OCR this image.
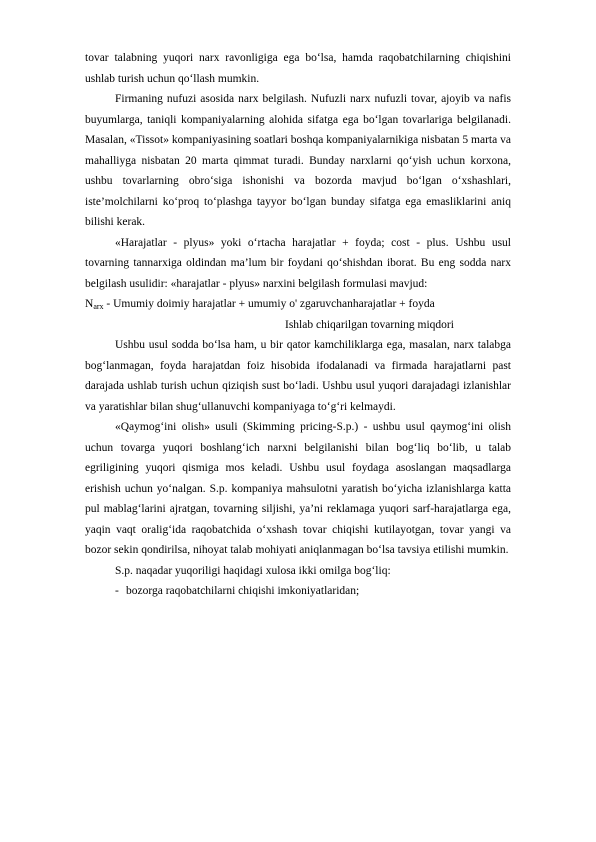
tovar talabning yuqori narx ravonligiga ega bo‘lsa, hamda raqobatchilarning chiqishini ushlab turish uchun qo‘llash mumkin.

Firmaning nufuzi asosida narx belgilash. Nufuzli narx nufuzli tovar, ajoyib va nafis buyumlarga, taniqli kompaniyalarning alohida sifatga ega bo‘lgan tovarlariga belgilanadi. Masalan, «Tissot» kompaniyasining soatlari boshqa kompaniyalarnikiga nisbatan 5 marta va mahalliyga nisbatan 20 marta qimmat turadi. Bunday narxlarni qo‘yish uchun korxona, ushbu tovarlarning obro‘siga ishonishi va bozorda mavjud bo‘lgan o‘xshashlari, iste’molchilarni ko‘proq to‘plashga tayyor bo‘lgan bunday sifatga ega emasliklarini aniq bilishi kerak.

«Harajatlar - plyus» yoki o‘rtacha harajatlar + foyda; cost - plus. Ushbu usul tovarning tannarxiga oldindan ma’lum bir foydani qo‘shishdan iborat. Bu eng sodda narx belgilash usulidir: «harajatlar - plyus» narxini belgilash formulasi mavjud:

$N_{arx}$ - Umumiy doimiy harajatlar + umumiy o' zgaruvchanharajatlar + foyda

Ishlab chiqarilgan tovarning miqdori

Ushbu usul sodda bo‘lsa ham, u bir qator kamchiliklarga ega, masalan, narx talabga bog‘lanmagan, foyda harajatdan foiz hisobida ifodalanadi va firmada harajatlarni past darajada ushlab turish uchun qiziqish sust bo‘ladi. Ushbu usul yuqori darajadagi izlanishlar va yaratishlar bilan shug‘ullanuvchi kompaniyaga to‘g‘ri kelmaydi.

«Qaymog‘ini olish» usuli (Skimming pricing-S.p.) - ushbu usul qaymog‘ini olish uchun tovarga yuqori boshlang‘ich narxni belgilanishi bilan bog‘liq bo‘lib, u talab egriligining yuqori qismiga mos keladi. Ushbu usul foydaga asoslangan maqsadlarga erishish uchun yo‘nalgan. S.p. kompaniya mahsulotni yaratish bo‘yicha izlanishlarga katta pul mablag‘larini ajratgan, tovarning siljishi, ya’ni reklamaga yuqori sarf-harajatlarga ega, yaqin vaqt oralig‘ida raqobatchida o‘xshash tovar chiqishi kutilayotgan, tovar yangi va bozor sekin qondirilsa, nihoyat talab mohiyati aniqlanmagan bo‘lsa tavsiya etilishi mumkin.

S.p. naqadar yuqoriligi haqidagi xulosa ikki omilga bog‘liq:

- bozorga raqobatchilarni chiqishi imkoniyatlaridan;
